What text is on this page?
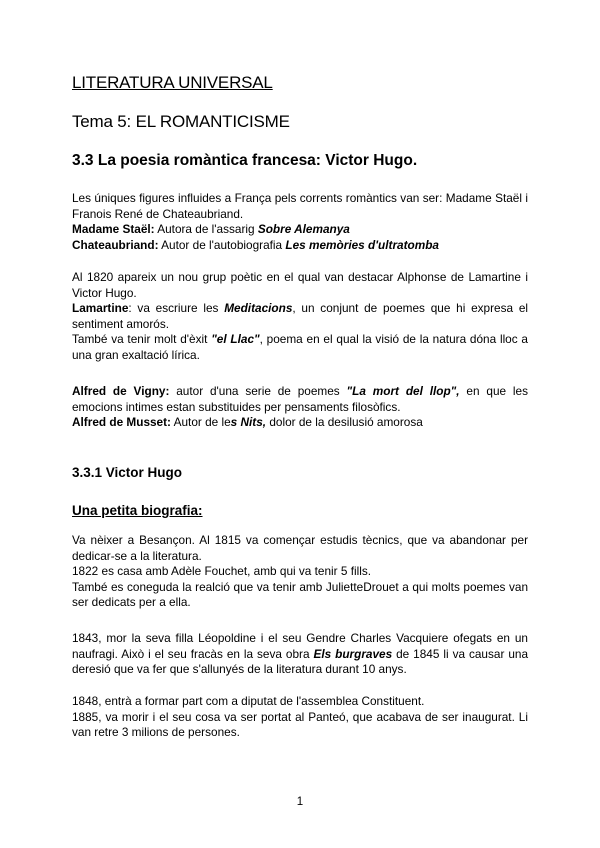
LITERATURA UNIVERSAL
Tema 5: EL ROMANTICISME
3.3 La poesia romàntica francesa: Victor Hugo.
Les úniques figures influides a França pels corrents romàntics van ser: Madame Staël i Franois René de Chateaubriand.
Madame Staël: Autora de l'assarig Sobre Alemanya
Chateaubriand: Autor de l'autobiografia Les memòries d'ultratomba
Al 1820 apareix un nou grup poètic en el qual van destacar Alphonse de Lamartine i Victor Hugo.
Lamartine: va escriure les Meditacions, un conjunt de poemes que hi expresa el sentiment amorós.
També va tenir molt d'èxit "el Llac", poema en el qual la visió de la natura dóna lloc a una gran exaltació lírica.
Alfred de Vigny: autor d'una serie de poemes "La mort del llop", en que les emocions intimes estan substituides per pensaments filosòfics.
Alfred de Musset: Autor de les Nits, dolor de la desilusió amorosa
3.3.1 Victor Hugo
Una petita biografia:
Va nèixer a Besançon. Al 1815 va començar estudis tècnics, que va abandonar per dedicar-se a la literatura.
1822 es casa amb Adèle Fouchet, amb qui va tenir 5 fills.
També es coneguda la realció que va tenir amb JulietteDrouet a qui molts poemes van ser dedicats per a ella.
1843, mor la seva filla Léopoldine i el seu Gendre Charles Vacquiere ofegats en un naufragi. Això i el seu fracàs en la seva obra Els burgraves de 1845 li va causar una deresió que va fer que s'allunyés de la literatura durant 10 anys.
1848, entrà a formar part com a diputat de l'assemblea Constituent.
1885, va morir i el seu cosa va ser portat al Panteó, que acabava de ser inaugurat. Li van retre 3 milions de persones.
1
